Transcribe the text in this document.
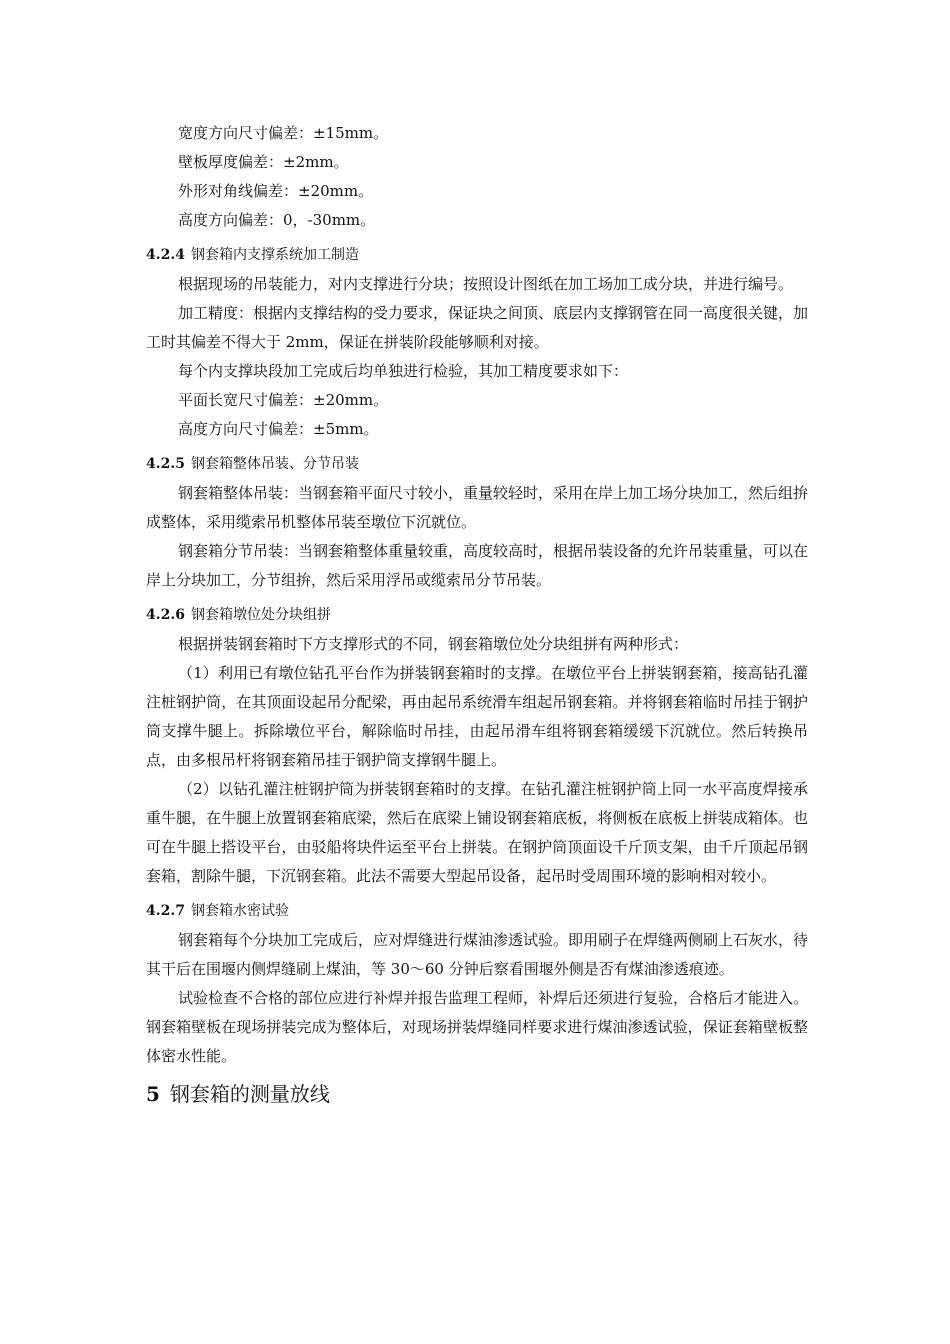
宽度方向尺寸偏差：±15mm。

壁板厚度偏差：±2mm。

外形对角线偏差：±20mm。

高度方向偏差：0，-30mm。

4.2.4 钢套箱内支撑系统加工制造

根据现场的吊装能力，对内支撑进行分块；按照设计图纸在加工场加工成分块，并进行编号。

加工精度：根据内支撑结构的受力要求，保证块之间顶、底层内支撑钢管在同一高度很关键，加工时其偏差不得大于 2mm，保证在拼装阶段能够顺利对接。

每个内支撑块段加工完成后均单独进行检验，其加工精度要求如下：

平面长宽尺寸偏差：±20mm。

高度方向尺寸偏差：±5mm。

4.2.5 钢套箱整体吊装、分节吊装

钢套箱整体吊装：当钢套箱平面尺寸较小，重量较轻时，采用在岸上加工场分块加工，然后组拚成整体，采用缆索吊机整体吊装至墩位下沉就位。

钢套箱分节吊装：当钢套箱整体重量较重，高度较高时，根据吊装设备的允许吊装重量，可以在岸上分块加工，分节组拚，然后采用浮吊或缆索吊分节吊装。

4.2.6 钢套箱墩位处分块组拼

根据拼装钢套箱时下方支撑形式的不同，钢套箱墩位处分块组拼有两种形式：

（1）利用已有墩位钻孔平台作为拼装钢套箱时的支撑。在墩位平台上拼装钢套箱，接高钻孔灌注桩钢护筒，在其顶面设起吊分配梁，再由起吊系统滑车组起吊钢套箱。并将钢套箱临时吊挂于钢护筒支撑牛腿上。拆除墩位平台，解除临时吊挂，由起吊滑车组将钢套箱缓缓下沉就位。然后转换吊点，由多根吊杆将钢套箱吊挂于钢护筒支撑钢牛腿上。

（2）以钻孔灌注桩钢护筒为拼装钢套箱时的支撑。在钻孔灌注桩钢护筒上同一水平高度焊接承重牛腿，在牛腿上放置钢套箱底梁，然后在底梁上铺设钢套箱底板，将侧板在底板上拼装成箱体。也可在牛腿上搭设平台，由驳船将块件运至平台上拼装。在钢护筒顶面设千斤顶支架，由千斤顶起吊钢套箱，割除牛腿，下沉钢套箱。此法不需要大型起吊设备，起吊时受周围环境的影响相对较小。

4.2.7 钢套箱水密试验

钢套箱每个分块加工完成后，应对焊缝进行煤油渗透试验。即用刷子在焊缝两侧刷上石灰水，待其干后在围堰内侧焊缝刷上煤油，等 30～60 分钟后察看围堰外侧是否有煤油渗透痕迹。

试验检查不合格的部位应进行补焊并报告监理工程师，补焊后还须进行复验，合格后才能进入。钢套箱壁板在现场拼装完成为整体后，对现场拼装焊缝同样要求进行煤油渗透试验，保证套箱壁板整体密水性能。

5 钢套箱的测量放线
